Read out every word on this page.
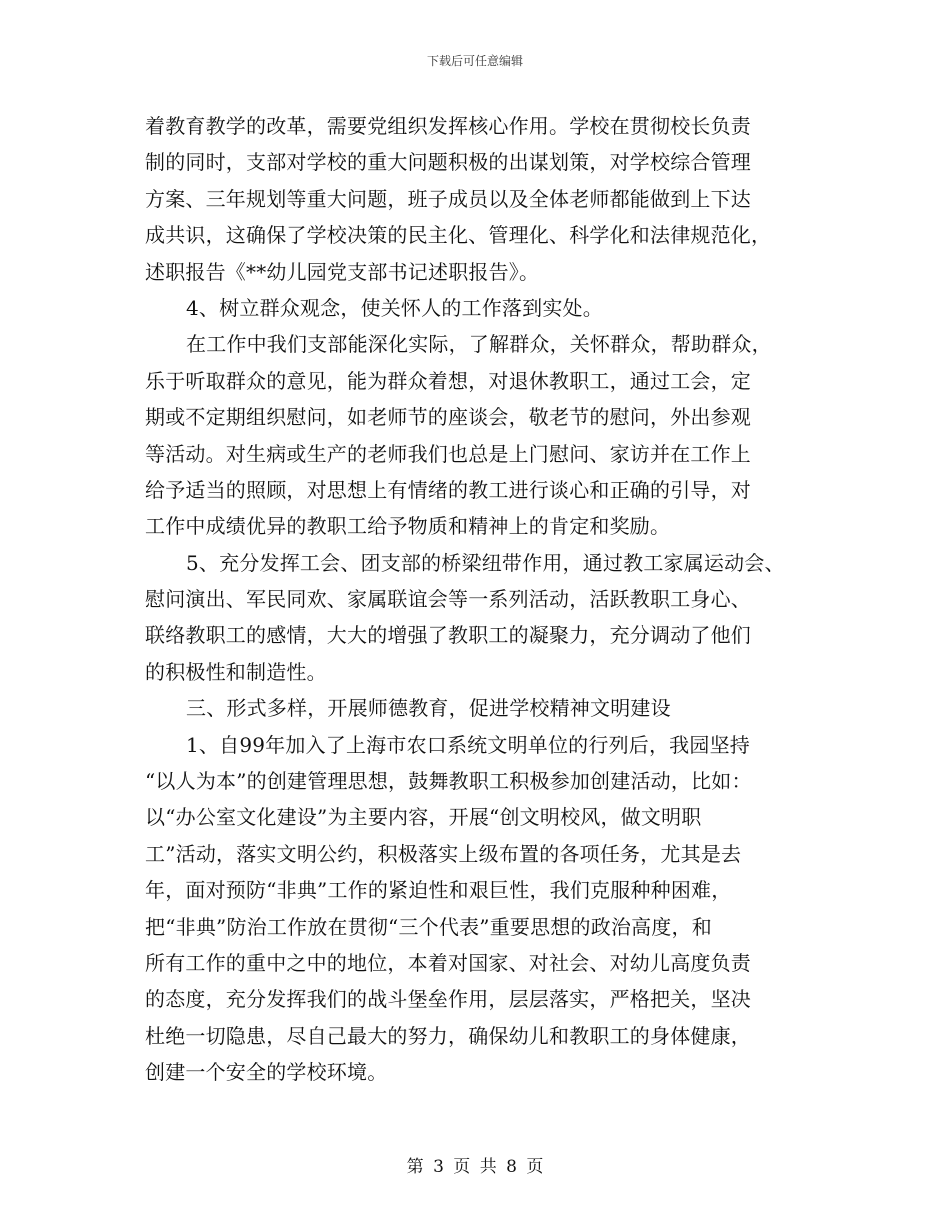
下载后可任意编辑
着教育教学的改革，需要党组织发挥核心作用。学校在贯彻校长负责
制的同时，支部对学校的重大问题积极的出谋划策，对学校综合管理
方案、三年规划等重大问题，班子成员以及全体老师都能做到上下达
成共识，这确保了学校决策的民主化、管理化、科学化和法律规范化，
述职报告《**幼儿园党支部书记述职报告》。
4、树立群众观念，使关怀人的工作落到实处。
在工作中我们支部能深化实际，了解群众，关怀群众，帮助群众，
乐于听取群众的意见，能为群众着想，对退休教职工，通过工会，定
期或不定期组织慰问，如老师节的座谈会，敬老节的慰问，外出参观
等活动。对生病或生产的老师我们也总是上门慰问、家访并在工作上
给予适当的照顾，对思想上有情绪的教工进行谈心和正确的引导，对
工作中成绩优异的教职工给予物质和精神上的肯定和奖励。
5、充分发挥工会、团支部的桥梁纽带作用，通过教工家属运动会、
慰问演出、军民同欢、家属联谊会等一系列活动，活跃教职工身心、
联络教职工的感情，大大的增强了教职工的凝聚力，充分调动了他们
的积极性和制造性。
三、形式多样，开展师德教育，促进学校精神文明建设
1、自99年加入了上海市农口系统文明单位的行列后，我园坚持
“以人为本”的创建管理思想，鼓舞教职工积极参加创建活动，比如：
以“办公室文化建设”为主要内容，开展“创文明校风，做文明职
工”活动，落实文明公约，积极落实上级布置的各项任务，尤其是去
年，面对预防“非典”工作的紧迫性和艰巨性，我们克服种种困难，
把“非典”防治工作放在贯彻“三个代表”重要思想的政治高度，和
所有工作的重中之中的地位，本着对国家、对社会、对幼儿高度负责
的态度，充分发挥我们的战斗堡垒作用，层层落实，严格把关，坚决
杜绝一切隐患，尽自己最大的努力，确保幼儿和教职工的身体健康，
创建一个安全的学校环境。
第 3 页 共 8 页
